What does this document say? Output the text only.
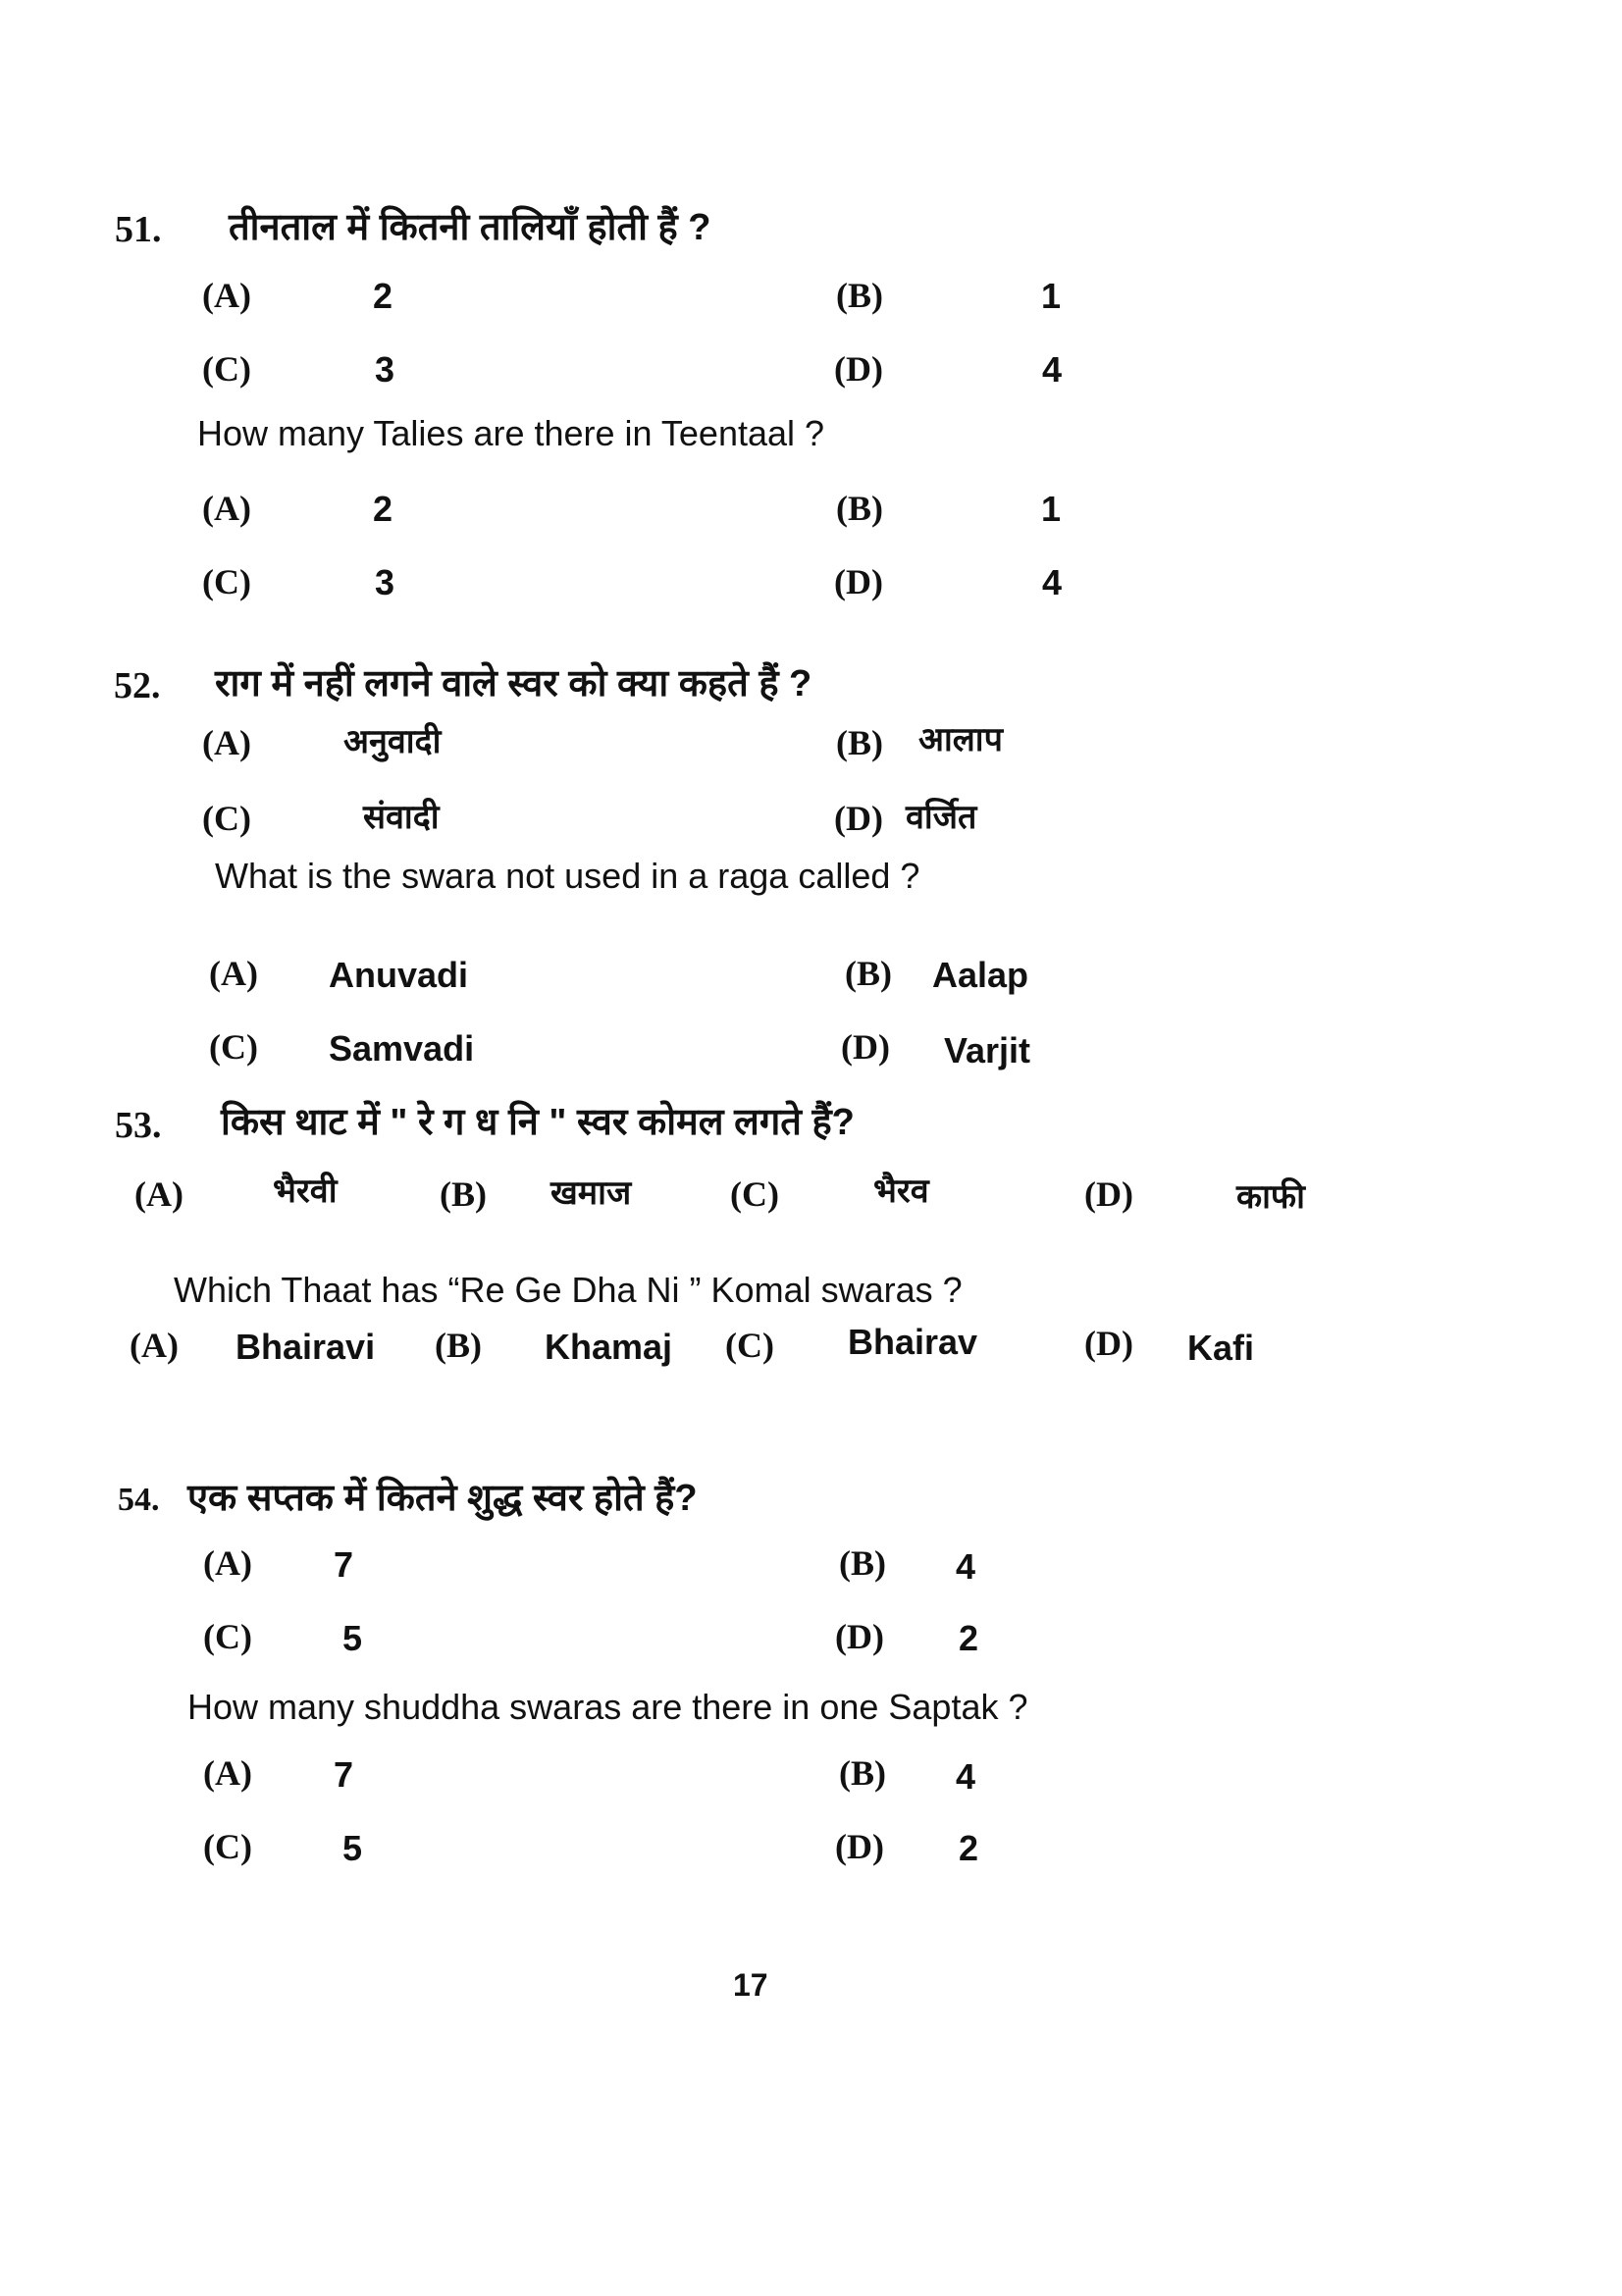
51. तीनताल में कितनी तालियाँ होती हैं ?
(A)	2	(B)	1
(C)	3	(D)	4
How many Talies are there in Teentaal ?
(A)	2	(B)	1
(C)	3	(D)	4
52. राग में नहीं लगने वाले स्वर को क्या कहते हैं ?
(A)	अनुवादी	(B) आलाप
(C)	संवादी	(D) वर्जित
What is the swara not used in a raga called ?
(A) Anuvadi	(B) Aalap
(C) Samvadi	(D) Varjit
53. किस थाट में " रे ग ध नि " स्वर कोमल लगते हैं?
(A)	भैरवी	(B) खमाज	(C)	भैरव	(D)	काफी
Which Thaat has “Re Ge Dha Ni ” Komal swaras ?
(A) Bhairavi (B) Khamaj (C) Bhairav	(D) Kafi
54. एक सप्तक में कितने शुद्ध स्वर होते हैं?
(A) 7	(B) 4
(C)	5	(D) 2
How many shuddha swaras are there in one Saptak ?
(A) 7	(B) 4
(C)	5	(D) 2
17
